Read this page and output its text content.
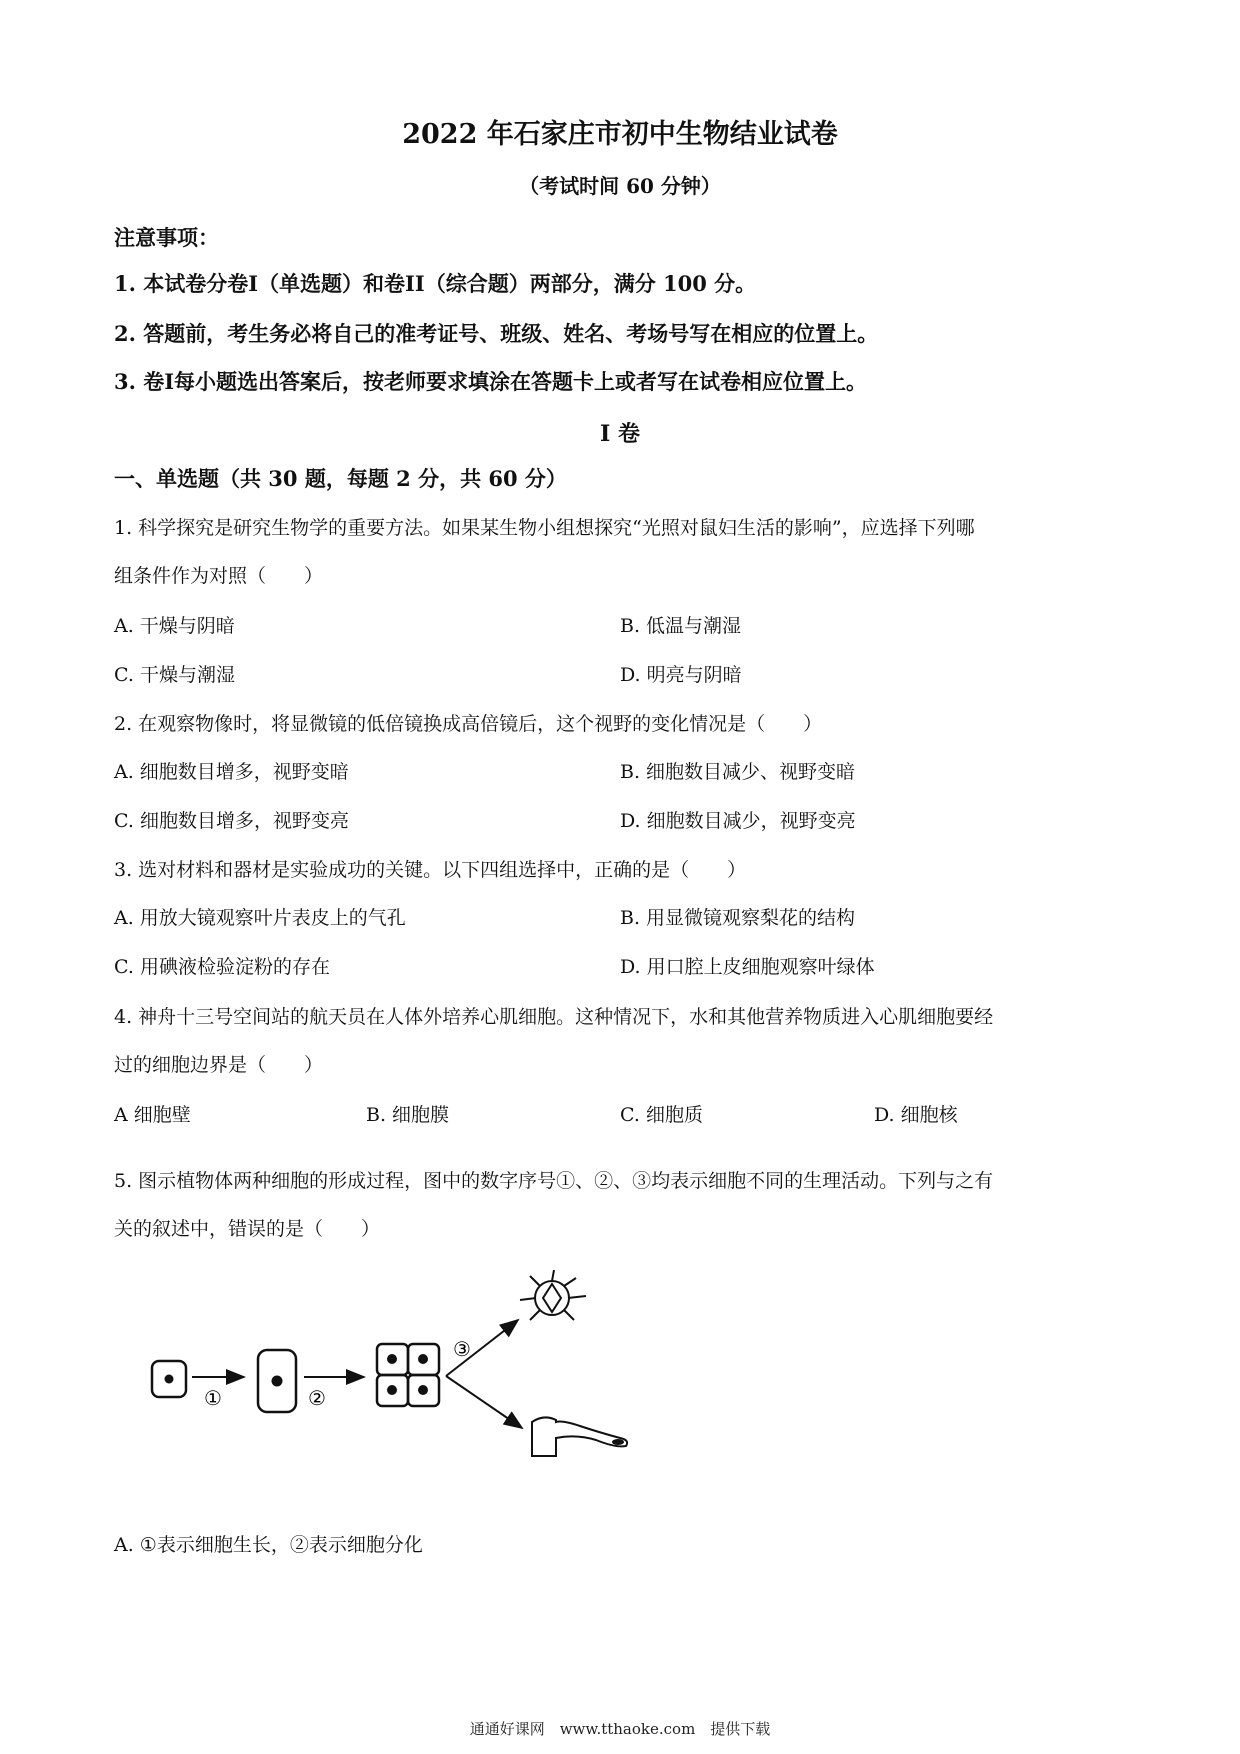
2022 年石家庄市初中生物结业试卷
（考试时间 60 分钟）
注意事项：
1. 本试卷分卷I（单选题）和卷II（综合题）两部分，满分 100 分。
2. 答题前，考生务必将自己的准考证号、班级、姓名、考场号写在相应的位置上。
3. 卷I每小题选出答案后，按老师要求填涂在答题卡上或者写在试卷相应位置上。
I 卷
一、单选题（共 30 题，每题 2 分，共 60 分）
1. 科学探究是研究生物学的重要方法。如果某生物小组想探究“光照对鼠妇生活的影响”，应选择下列哪
组条件作为对照（　　）
A. 干燥与阴暗	B. 低温与潮湿
C. 干燥与潮湿	D. 明亮与阴暗
2. 在观察物像时，将显微镜的低倍镜换成高倍镜后，这个视野的变化情况是（　　）
A. 细胞数目增多，视野变暗	B. 细胞数目减少、视野变暗
C. 细胞数目增多，视野变亮	D. 细胞数目减少，视野变亮
3. 选对材料和器材是实验成功的关键。以下四组选择中，正确的是（　　）
A. 用放大镜观察叶片表皮上的气孔	B. 用显微镜观察梨花的结构
C. 用碘液检验淀粉的存在	D. 用口腔上皮细胞观察叶绿体
4. 神舟十三号空间站的航天员在人体外培养心肌细胞。这种情况下，水和其他营养物质进入心肌细胞要经
过的细胞边界是（　　）
A 细胞壁	B. 细胞膜	C. 细胞质	D. 细胞核
5. 图示植物体两种细胞的形成过程，图中的数字序号①、②、③均表示细胞不同的生理活动。下列与之有
关的叙述中，错误的是（　　）
①	②
③
A. ①表示细胞生长，②表示细胞分化
通通好课网　www.tthaoke.com　提供下载
